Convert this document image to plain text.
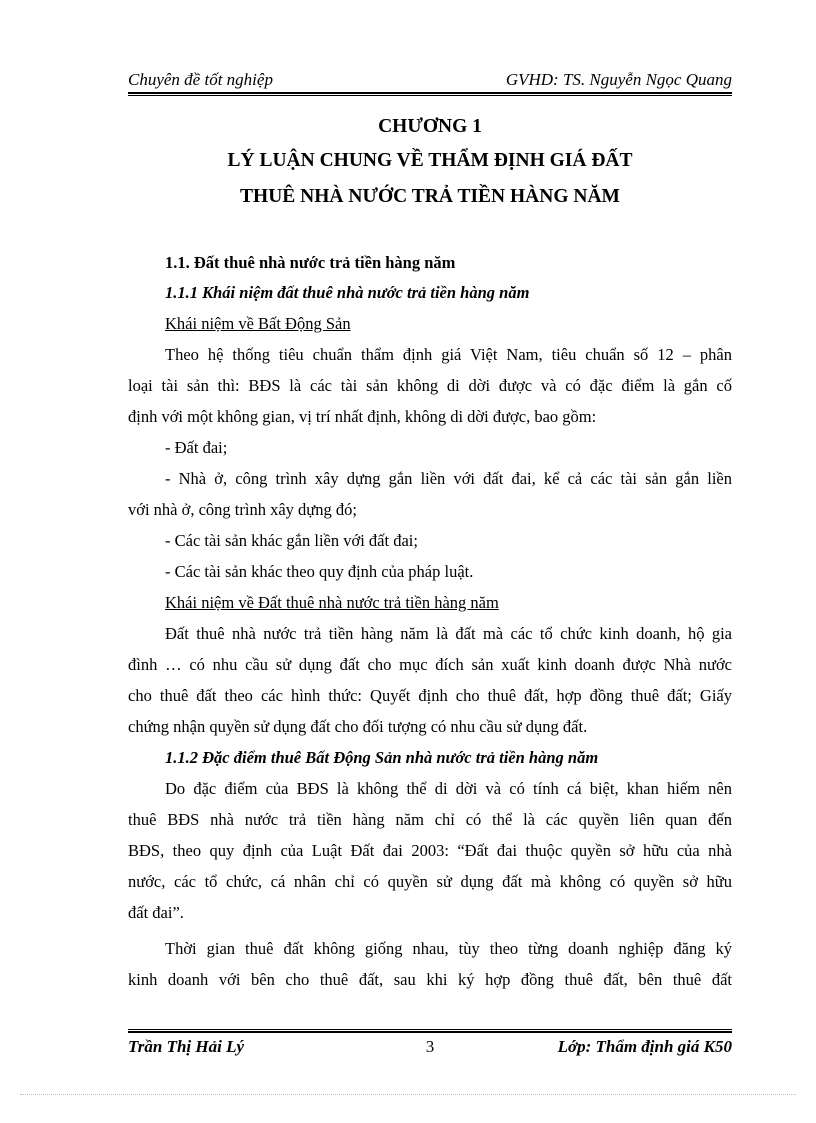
Chuyên đề tốt nghiệp	GVHD: TS. Nguyễn Ngọc Quang
CHƯƠNG 1
LÝ LUẬN CHUNG VỀ THẨM ĐỊNH GIÁ ĐẤT
THUÊ NHÀ NƯỚC TRẢ TIỀN HÀNG NĂM
1.1. Đất thuê nhà nước trả tiền hàng năm
1.1.1 Khái niệm đất thuê nhà nước trả tiền hàng năm
Khái niệm về Bất Động Sản
Theo hệ thống tiêu chuẩn thẩm định giá Việt Nam, tiêu chuẩn số 12 – phân
loại tài sản thì: BĐS là các tài sản không di dời được và có đặc điểm là gắn cố
định với một không gian, vị trí nhất định, không di dời được, bao gồm:
- Đất đai;
- Nhà ở, công trình xây dựng gắn liền với đất đai, kể cả các tài sản gắn liền
với nhà ở, công trình xây dựng đó;
- Các tài sản khác gắn liền với đất đai;
- Các tài sản khác theo quy định của pháp luật.
Khái niệm về Đất thuê nhà nước trả tiền hàng năm
Đất thuê nhà nước trả tiền hàng năm là đất mà các tổ chức kinh doanh, hộ gia
đình … có nhu cầu sử dụng đất cho mục đích sản xuất kinh doanh được Nhà nước
cho thuê đất theo các hình thức: Quyết định cho thuê đất, hợp đồng thuê đất; Giấy
chứng nhận quyền sử dụng đất cho đối tượng có nhu cầu sử dụng đất.
1.1.2 Đặc điểm thuê Bất Động Sản nhà nước trả tiền hàng năm
Do đặc điểm của BĐS là không thể di dời và có tính cá biệt, khan hiếm nên
thuê BĐS nhà nước trả tiền hàng năm chỉ có thể là các quyền liên quan đến
BĐS, theo quy định của Luật Đất đai 2003: “Đất đai thuộc quyền sở hữu của nhà
nước, các tổ chức, cá nhân chỉ có quyền sử dụng đất mà không có quyền sở hữu
đất đai”.
Thời gian thuê đất không giống nhau, tùy theo từng doanh nghiệp đăng ký
kinh doanh với bên cho thuê đất, sau khi ký hợp đồng thuê đất, bên thuê đất
Trần Thị Hải Lý	3	Lớp: Thẩm định giá K50
